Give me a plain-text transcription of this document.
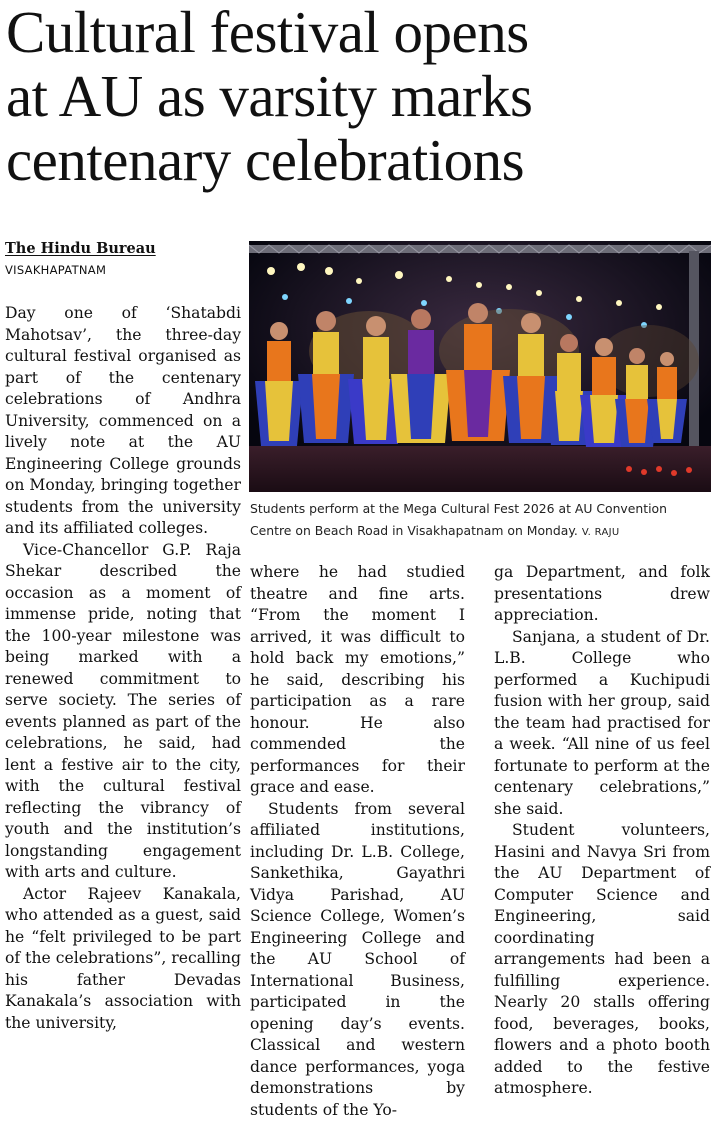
Cultural festival opens
at AU as varsity marks
centenary celebrations
The Hindu Bureau
VISAKHAPATNAM

Day one of ‘Shatabdi Mahotsav’, the three-day cultural festival organised as part of the centenary celebrations of Andhra University, commenced on a lively note at the AU Engineering College grounds on Monday, bringing together students from the university and its affiliated colleges.

Vice-Chancellor G.P. Raja Shekar described the occasion as a moment of immense pride, noting that the 100-year milestone was being marked with a renewed commitment to serve society. The series of events planned as part of the celebrations, he said, had lent a festive air to the city, with the cultural festival reflecting the vibrancy of youth and the institution’s longstanding engagement with arts and culture.

Actor Rajeev Kanakala, who attended as a guest, said he “felt privileged to be part of the celebrations”, recalling his father Devadas Kanakala’s association with the university,

Students perform at the Mega Cultural Fest 2026 at AU Convention Centre on Beach Road in Visakhapatnam on Monday. V. RAJU

where he had studied theatre and fine arts. “From the moment I arrived, it was difficult to hold back my emotions,” he said, describing his participation as a rare honour. He also commended the performances for their grace and ease.

Students from several affiliated institutions, including Dr. L.B. College, Sankethika, Gayathri Vidya Parishad, AU Science College, Women’s Engineering College and the AU School of International Business, participated in the opening day’s events. Classical and western dance performances, yoga demonstrations by students of the Yo-

ga Department, and folk presentations drew appreciation.

Sanjana, a student of Dr. L.B. College who performed a Kuchipudi fusion with her group, said the team had practised for a week. “All nine of us feel fortunate to perform at the centenary celebrations,” she said.

Student volunteers, Hasini and Navya Sri from the AU Department of Computer Science and Engineering, said coordinating arrangements had been a fulfilling experience. Nearly 20 stalls offering food, beverages, books, flowers and a photo booth added to the festive atmosphere.
